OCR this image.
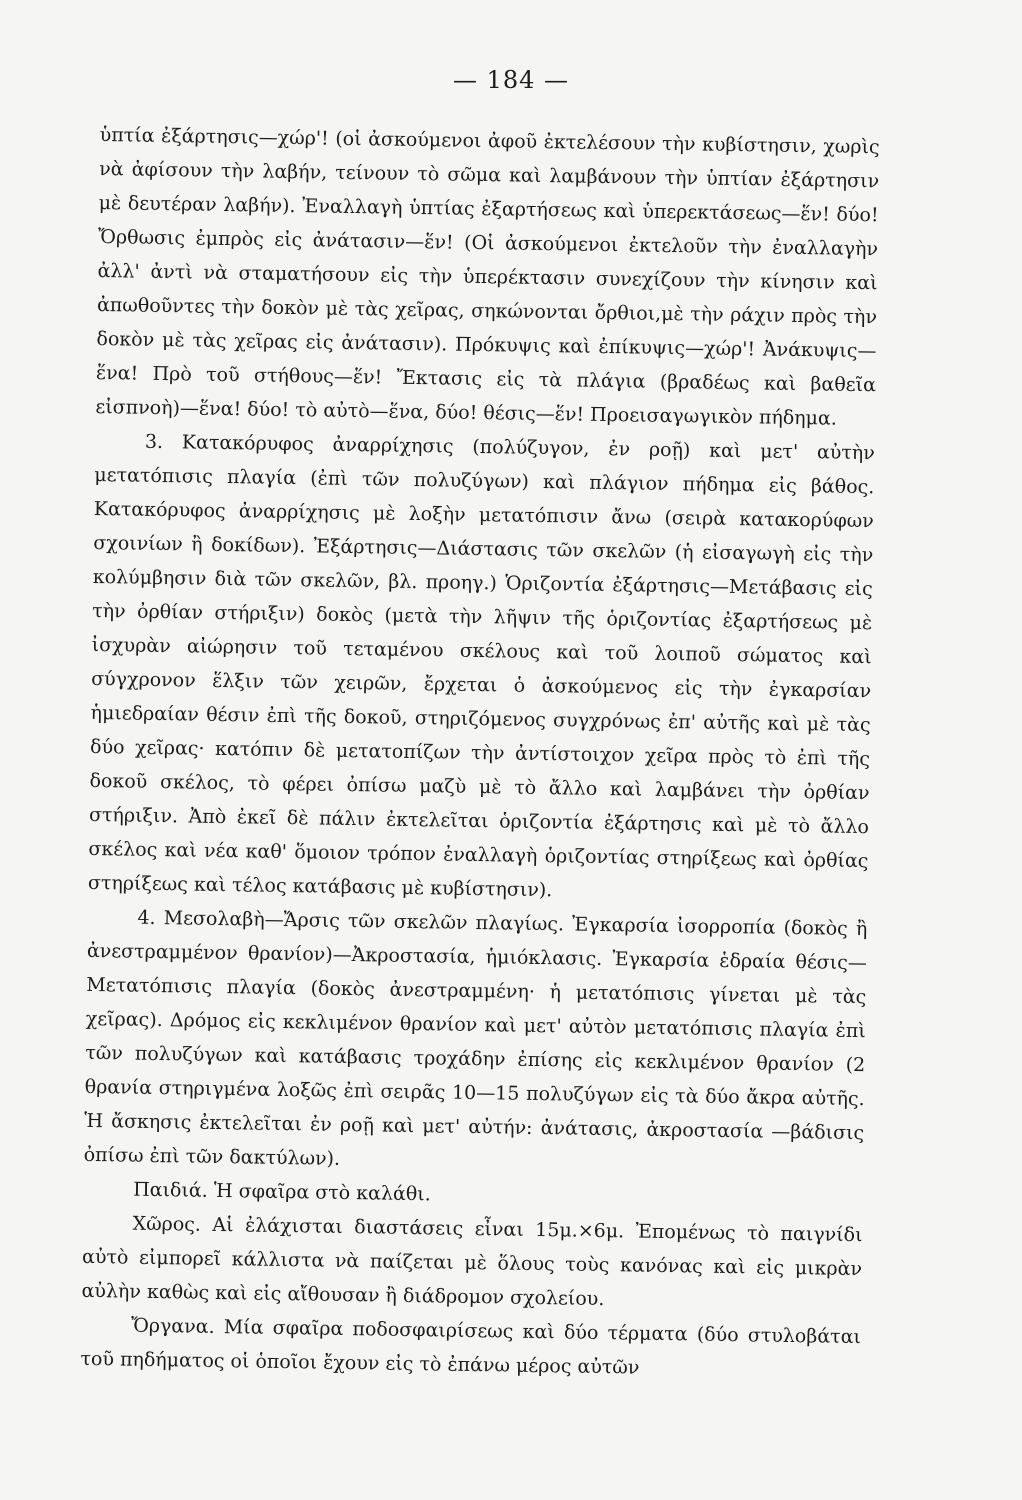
— 184 —

ὑπτία ἐξάρτησις—χώρ'! (οἱ ἀσκούμενοι ἀφοῦ ἐκτελέσουν τὴν κυβίστησιν, χωρὶς νὰ ἀφίσουν τὴν λαβήν, τείνουν τὸ σῶμα καὶ λαμβάνουν τὴν ὑπτίαν ἐξάρτησιν μὲ δευτέραν λαβήν). Ἐναλλαγὴ ὑπτίας ἐξαρτήσεως καὶ ὑπερεκτάσεως—ἕν! δύο! Ὄρθωσις ἐμπρὸς εἰς ἀνάτασιν—ἕν! (Οἱ ἀσκούμενοι ἐκτελοῦν τὴν ἐναλλαγὴν ἀλλ' ἀντὶ νὰ σταματήσουν εἰς τὴν ὑπερέκτασιν συνεχίζουν τὴν κίνησιν καὶ ἀπωθοῦντες τὴν δοκὸν μὲ τὰς χεῖρας, σηκώνονται ὄρθιοι,μὲ τὴν ράχιν πρὸς τὴν δοκὸν μὲ τὰς χεῖρας εἰς ἀνάτασιν). Πρόκυψις καὶ ἐπίκυψις—χώρ'! Ἀνάκυψις—ἕνα! Πρὸ τοῦ στήθους—ἕν! Ἔκτασις εἰς τὰ πλάγια (βραδέως καὶ βαθεῖα εἰσπνοὴ)—ἕνα! δύο! τὸ αὐτὸ—ἕνα, δύο! θέσις—ἕν! Προεισαγωγικὸν πήδημα.

3. Κατακόρυφος ἀναρρίχησις (πολύζυγον, ἐν ροῇ) καὶ μετ' αὐτὴν μετατόπισις πλαγία (ἐπὶ τῶν πολυζύγων) καὶ πλάγιον πήδημα εἰς βάθος. Κατακόρυφος ἀναρρίχησις μὲ λοξὴν μετατόπισιν ἄνω (σειρὰ κατακορύφων σχοινίων ἢ δοκίδων). Ἐξάρτησις—Διάστασις τῶν σκελῶν (ἡ εἰσαγωγὴ εἰς τὴν κολύμβησιν διὰ τῶν σκελῶν, βλ. προηγ.) Ὁριζοντία ἐξάρτησις—Μετάβασις εἰς τὴν ὀρθίαν στήριξιν) δοκὸς (μετὰ τὴν λῆψιν τῆς ὁριζοντίας ἐξαρτήσεως μὲ ἰσχυρὰν αἰώρησιν τοῦ τεταμένου σκέλους καὶ τοῦ λοιποῦ σώματος καὶ σύγχρονον ἕλξιν τῶν χειρῶν, ἔρχεται ὁ ἀσκούμενος εἰς τὴν ἐγκαρσίαν ἡμιεδραίαν θέσιν ἐπὶ τῆς δοκοῦ, στηριζόμενος συγχρόνως ἐπ' αὐτῆς καὶ μὲ τὰς δύο χεῖρας· κατόπιν δὲ μετατοπίζων τὴν ἀντίστοιχον χεῖρα πρὸς τὸ ἐπὶ τῆς δοκοῦ σκέλος, τὸ φέρει ὀπίσω μαζὺ μὲ τὸ ἄλλο καὶ λαμβάνει τὴν ὀρθίαν στήριξιν. Ἀπὸ ἐκεῖ δὲ πάλιν ἐκτελεῖται ὁριζοντία ἐξάρτησις καὶ μὲ τὸ ἄλλο σκέλος καὶ νέα καθ' ὅμοιον τρόπον ἐναλλαγὴ ὁριζοντίας στηρίξεως καὶ ὀρθίας στηρίξεως καὶ τέλος κατάβασις μὲ κυβίστησιν).

4. Μεσολαβὴ—Ἄρσις τῶν σκελῶν πλαγίως. Ἐγκαρσία ἰσορροπία (δοκὸς ἢ ἀνεστραμμένον θρανίον)—Ἀκροστασία, ἡμιόκλασις. Ἐγκαρσία ἑδραία θέσις—Μετατόπισις πλαγία (δοκὸς ἀνεστραμμένη· ἡ μετατόπισις γίνεται μὲ τὰς χεῖρας). Δρόμος εἰς κεκλιμένον θρανίον καὶ μετ' αὐτὸν μετατόπισις πλαγία ἐπὶ τῶν πολυζύγων καὶ κατάβασις τροχάδην ἐπίσης εἰς κεκλιμένον θρανίον (2 θρανία στηριγμένα λοξῶς ἐπὶ σειρᾶς 10—15 πολυζύγων εἰς τὰ δύο ἄκρα αὐτῆς. Ἡ ἄσκησις ἐκτελεῖται ἐν ροῇ καὶ μετ' αὐτήν: ἀνάτασις, ἀκροστασία —βάδισις ὀπίσω ἐπὶ τῶν δακτύλων).

Παιδιά. Ἡ σφαῖρα στὸ καλάθι.

Χῶρος. Αἱ ἐλάχισται διαστάσεις εἶναι 15μ.×6μ. Ἐπομένως τὸ παιγνίδι αὐτὸ εἰμπορεῖ κάλλιστα νὰ παίζεται μὲ ὅλους τοὺς κανόνας καὶ εἰς μικρὰν αὐλὴν καθὼς καὶ εἰς αἴθουσαν ἢ διάδρομον σχολείου.

Ὄργανα. Μία σφαῖρα ποδοσφαιρίσεως καὶ δύο τέρματα (δύο στυλοβάται τοῦ πηδήματος οἱ ὁποῖοι ἔχουν εἰς τὸ ἐπάνω μέρος αὐτῶν
